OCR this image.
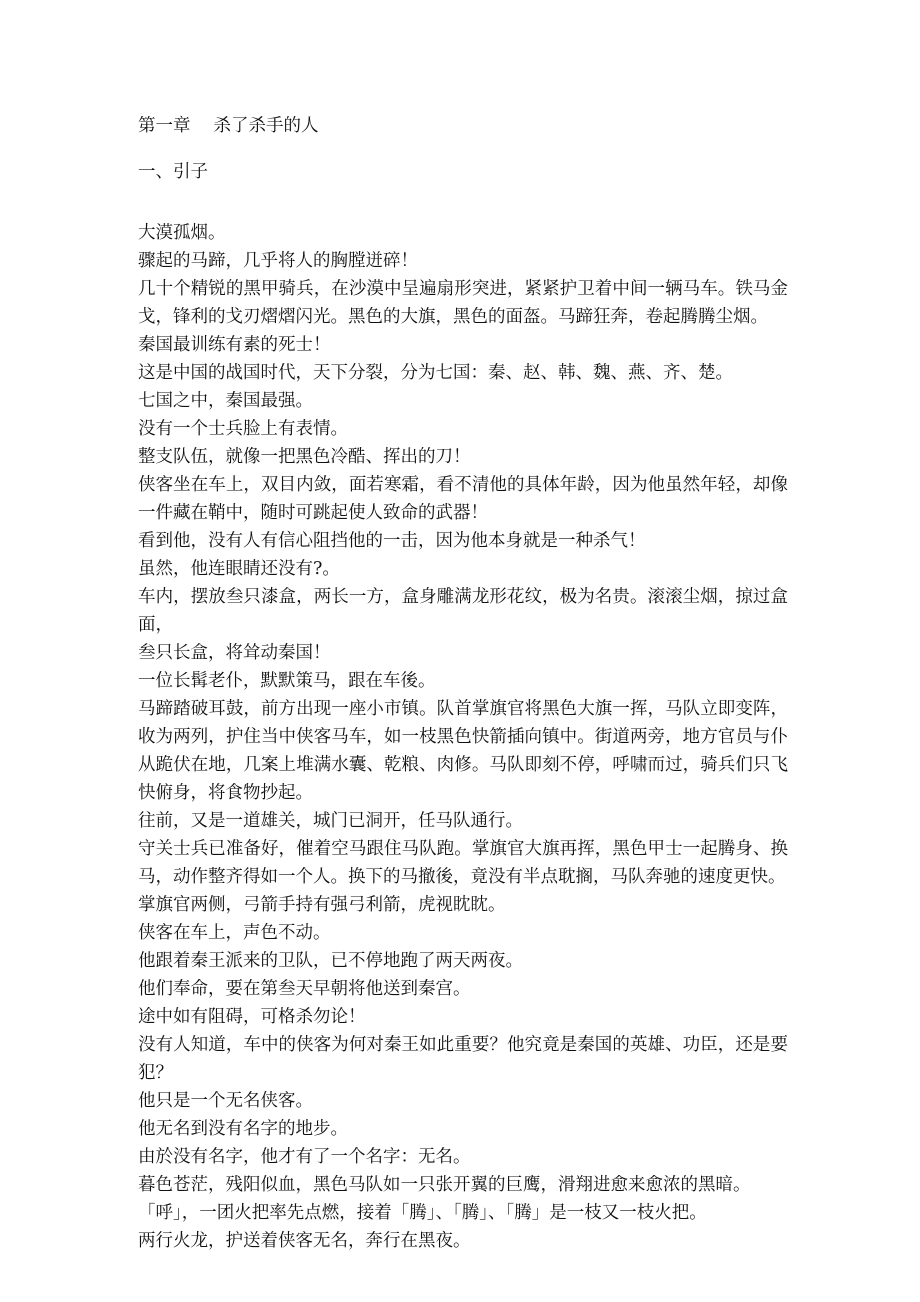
第一章　 杀了杀手的人

一、引子

大漠孤烟。

骤起的马蹄，几乎将人的胸膛迸碎！

几十个精锐的黑甲骑兵，在沙漠中呈遍扇形突进，紧紧护卫着中间一辆马车。铁马金戈，锋利的戈刃熠熠闪光。黑色的大旗，黑色的面盔。马蹄狂奔，卷起腾腾尘烟。

秦国最训练有素的死士！

这是中国的战国时代，天下分裂，分为七国：秦、赵、韩、魏、燕、齐、楚。

七国之中，秦国最强。

没有一个士兵脸上有表情。

整支队伍，就像一把黑色冷酷、挥出的刀！

侠客坐在车上，双目内敛，面若寒霜，看不清他的具体年龄，因为他虽然年轻，却像一件藏在鞘中，随时可跳起使人致命的武器！

看到他，没有人有信心阻挡他的一击，因为他本身就是一种杀气！

虽然，他连眼睛还没有?。

车内，摆放叁只漆盒，两长一方，盒身雕满龙形花纹，极为名贵。滚滚尘烟，掠过盒面，

叁只长盒，将耸动秦国！

一位长髯老仆，默默策马，跟在车後。

马蹄踏破耳鼓，前方出现一座小市镇。队首掌旗官将黑色大旗一挥，马队立即变阵，收为两列，护住当中侠客马车，如一枝黑色快箭插向镇中。街道两旁，地方官员与仆从跪伏在地，几案上堆满水囊、乾粮、肉修。马队即刻不停，呼啸而过，骑兵们只飞快俯身，将食物抄起。

往前，又是一道雄关，城门已洞开，任马队通行。

守关士兵已准备好，催着空马跟住马队跑。掌旗官大旗再挥，黑色甲士一起腾身、换马，动作整齐得如一个人。换下的马撤後，竟没有半点耽搁，马队奔驰的速度更快。

掌旗官两侧，弓箭手持有强弓利箭，虎视眈眈。

侠客在车上，声色不动。

他跟着秦王派来的卫队，已不停地跑了两天两夜。

他们奉命，要在第叁天早朝将他送到秦宫。

途中如有阻碍，可格杀勿论！

没有人知道，车中的侠客为何对秦王如此重要？他究竟是秦国的英雄、功臣，还是要犯？

他只是一个无名侠客。

他无名到没有名字的地步。

由於没有名字，他才有了一个名字：无名。

暮色苍茫，残阳似血，黑色马队如一只张开翼的巨鹰，滑翔进愈来愈浓的黑暗。

「呼」，一团火把率先点燃，接着「腾」、「腾」、「腾」是一枝又一枝火把。

两行火龙，护送着侠客无名，奔行在黑夜。
